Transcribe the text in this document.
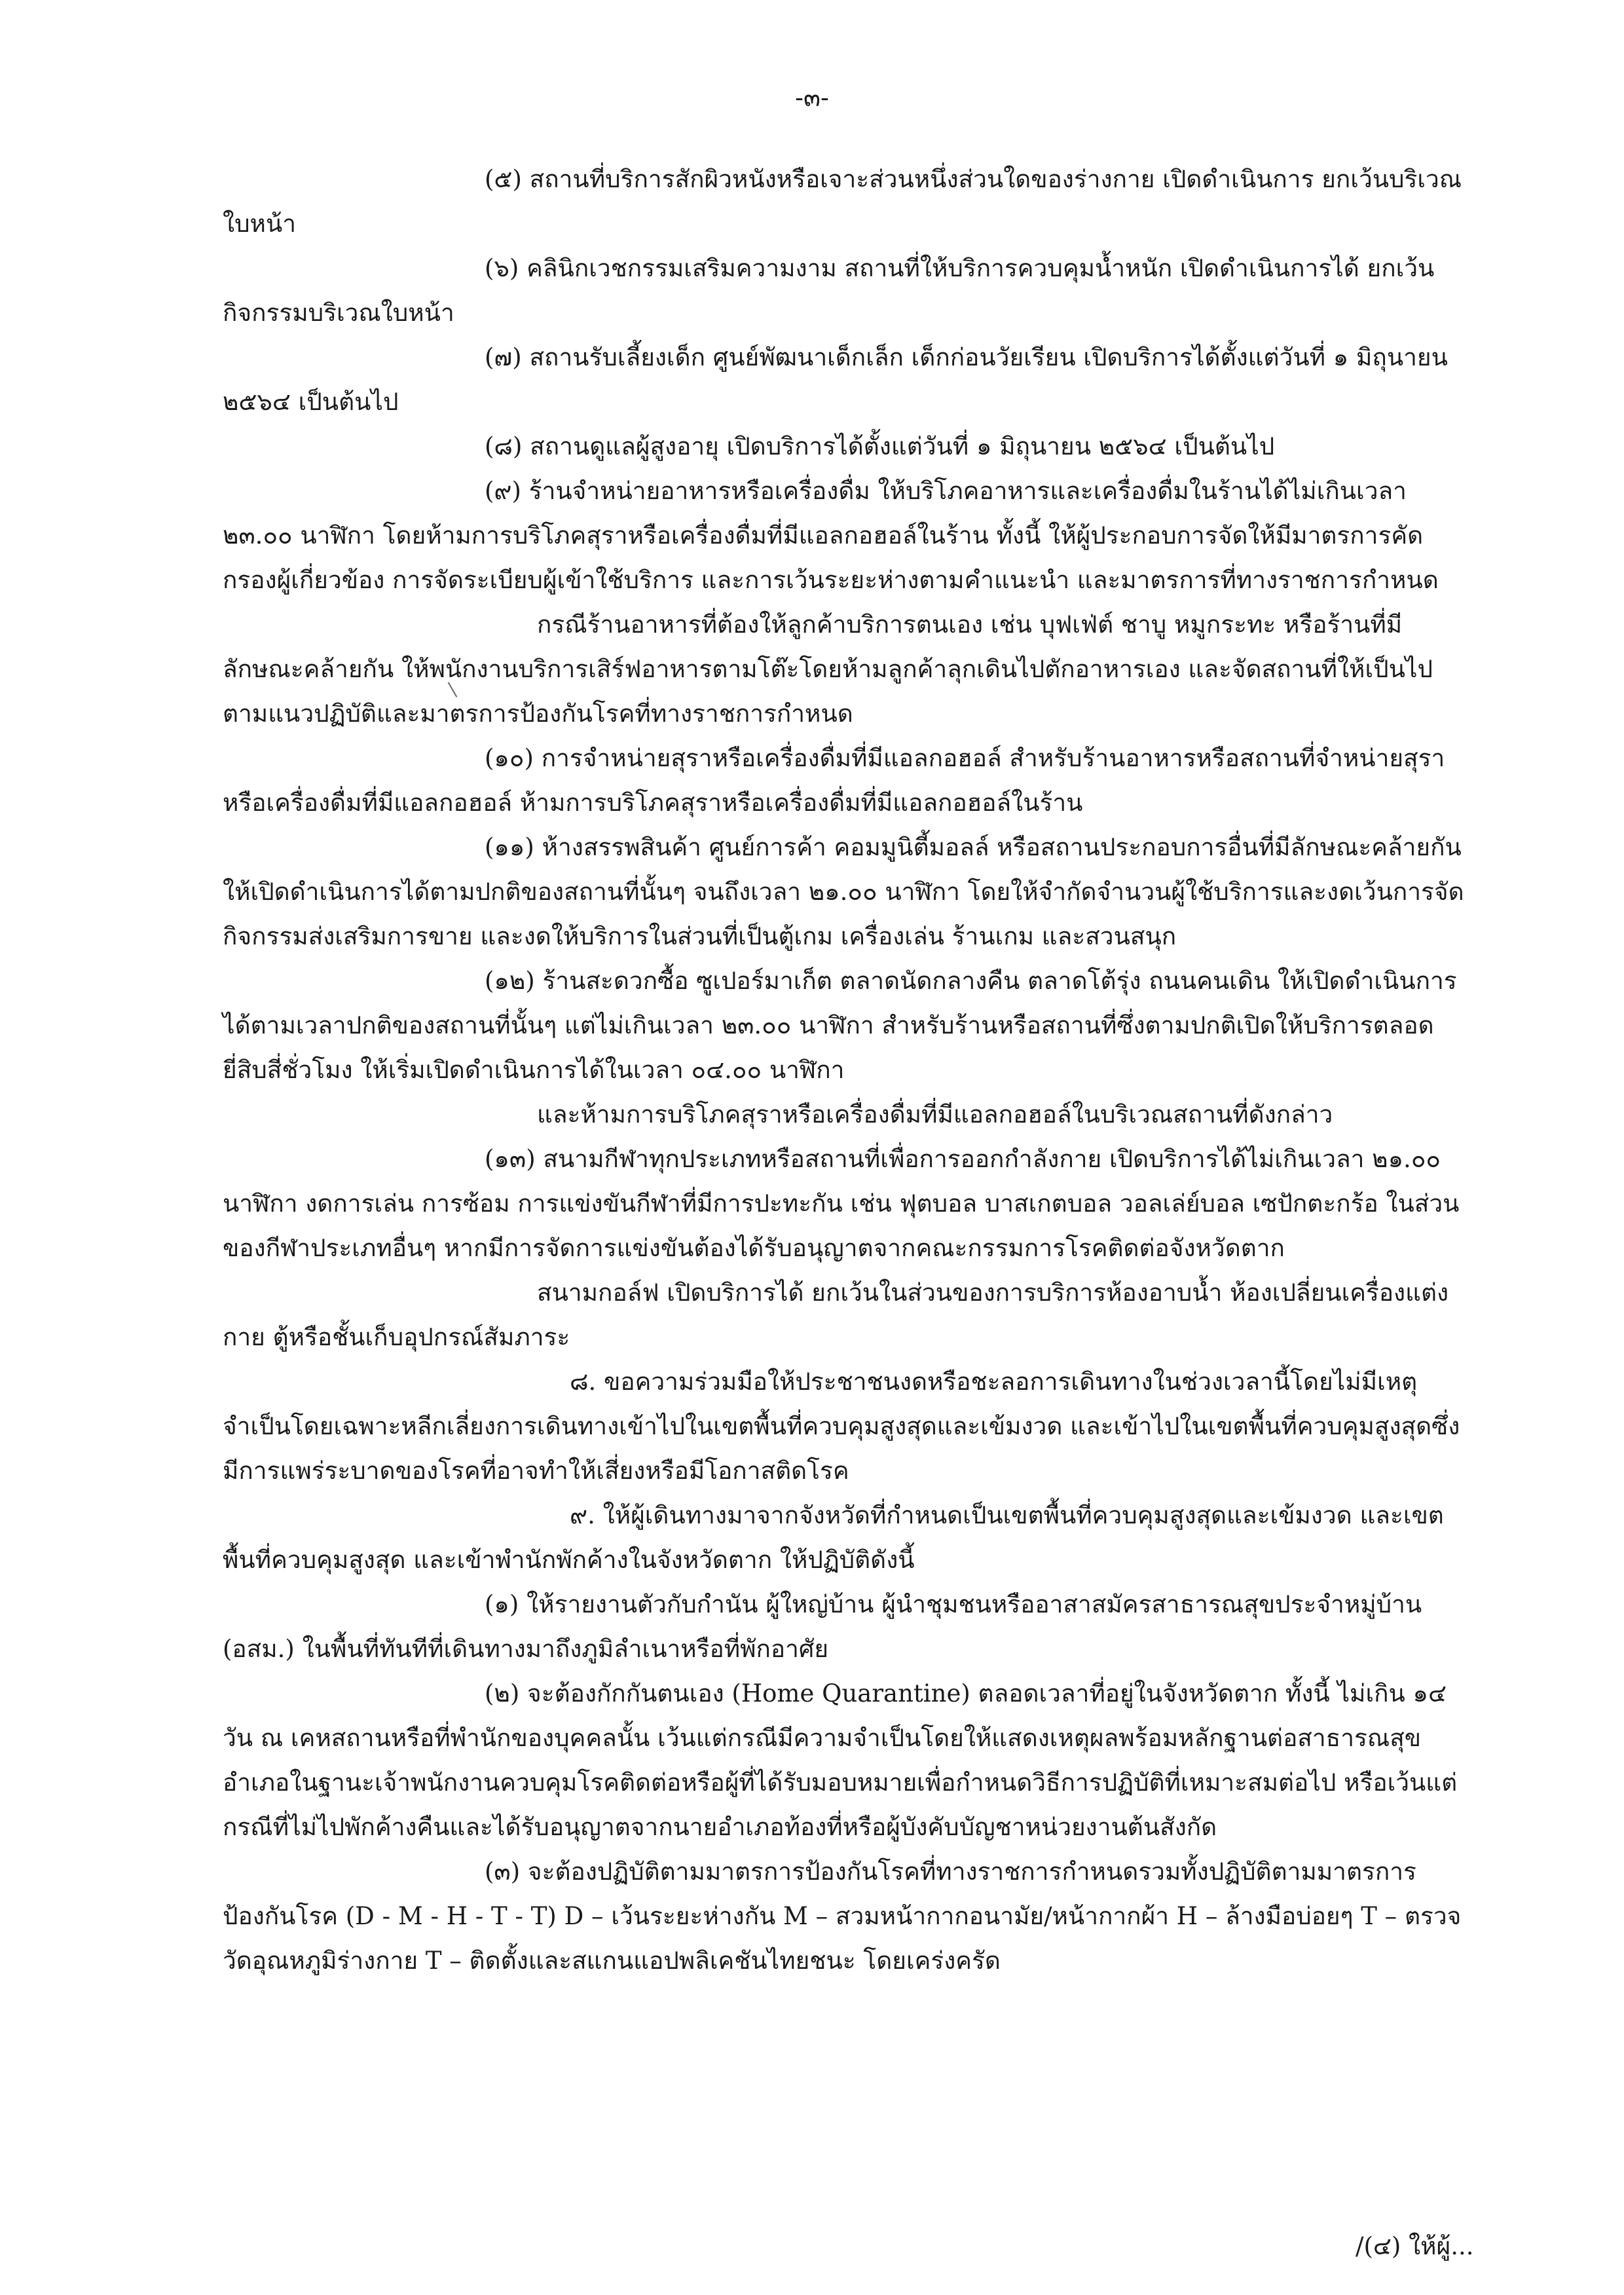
-๓-

(๕) สถานที่บริการสักผิวหนังหรือเจาะส่วนหนึ่งส่วนใดของร่างกาย เปิดดำเนินการ ยกเว้นบริเวณใบหน้า

(๖) คลินิกเวชกรรมเสริมความงาม สถานที่ให้บริการควบคุมน้ำหนัก เปิดดำเนินการได้ ยกเว้น กิจกรรมบริเวณใบหน้า

(๗) สถานรับเลี้ยงเด็ก ศูนย์พัฒนาเด็กเล็ก เด็กก่อนวัยเรียน เปิดบริการได้ตั้งแต่วันที่ ๑ มิถุนายน ๒๕๖๔ เป็นต้นไป

(๘) สถานดูแลผู้สูงอายุ เปิดบริการได้ตั้งแต่วันที่ ๑ มิถุนายน ๒๕๖๔ เป็นต้นไป

(๙) ร้านจำหน่ายอาหารหรือเครื่องดื่ม ให้บริโภคอาหารและเครื่องดื่มในร้านได้ไม่เกินเวลา ๒๓.๐๐ นาฬิกา โดยห้ามการบริโภคสุราหรือเครื่องดื่มที่มีแอลกอฮอล์ในร้าน ทั้งนี้ ให้ผู้ประกอบการจัดให้มีมาตรการคัดกรองผู้เกี่ยวข้อง การจัดระเบียบผู้เข้าใช้บริการ และการเว้นระยะห่างตามคำแนะนำ และมาตรการที่ทางราชการกำหนด

กรณีร้านอาหารที่ต้องให้ลูกค้าบริการตนเอง เช่น บุฟเฟ่ต์ ชาบู หมูกระทะ หรือร้านที่มีลักษณะคล้ายกัน ให้พนักงานบริการเสิร์ฟอาหารตามโต๊ะโดยห้ามลูกค้าลุกเดินไปตักอาหารเอง และจัดสถานที่ให้เป็นไปตามแนวปฏิบัติและมาตรการป้องกันโรคที่ทางราชการกำหนด

(๑๐) การจำหน่ายสุราหรือเครื่องดื่มที่มีแอลกอฮอล์ สำหรับร้านอาหารหรือสถานที่จำหน่ายสุราหรือเครื่องดื่มที่มีแอลกอฮอล์ ห้ามการบริโภคสุราหรือเครื่องดื่มที่มีแอลกอฮอล์ในร้าน

(๑๑) ห้างสรรพสินค้า ศูนย์การค้า คอมมูนิตี้มอลล์ หรือสถานประกอบการอื่นที่มีลักษณะคล้ายกัน ให้เปิดดำเนินการได้ตามปกติของสถานที่นั้นๆ จนถึงเวลา ๒๑.๐๐ นาฬิกา โดยให้จำกัดจำนวนผู้ใช้บริการและงดเว้นการจัดกิจกรรมส่งเสริมการขาย และงดให้บริการในส่วนที่เป็นตู้เกม เครื่องเล่น ร้านเกม และสวนสนุก

(๑๒) ร้านสะดวกซื้อ ซูเปอร์มาเก็ต ตลาดนัดกลางคืน ตลาดโต้รุ่ง ถนนคนเดิน ให้เปิดดำเนินการได้ตามเวลาปกติของสถานที่นั้นๆ แต่ไม่เกินเวลา ๒๓.๐๐ นาฬิกา สำหรับร้านหรือสถานที่ซึ่งตามปกติเปิดให้บริการตลอดยี่สิบสี่ชั่วโมง ให้เริ่มเปิดดำเนินการได้ในเวลา ๐๔.๐๐ นาฬิกา

และห้ามการบริโภคสุราหรือเครื่องดื่มที่มีแอลกอฮอล์ในบริเวณสถานที่ดังกล่าว

(๑๓) สนามกีฬาทุกประเภทหรือสถานที่เพื่อการออกกำลังกาย เปิดบริการได้ไม่เกินเวลา ๒๑.๐๐ นาฬิกา งดการเล่น การซ้อม การแข่งขันกีฬาที่มีการปะทะกัน เช่น ฟุตบอล บาสเกตบอล วอลเล่ย์บอล เซปักตะกร้อ ในส่วนของกีฬาประเภทอื่นๆ หากมีการจัดการแข่งขันต้องได้รับอนุญาตจากคณะกรรมการโรคติดต่อจังหวัดตาก

สนามกอล์ฟ เปิดบริการได้ ยกเว้นในส่วนของการบริการห้องอาบน้ำ ห้องเปลี่ยนเครื่องแต่งกาย ตู้หรือชั้นเก็บอุปกรณ์สัมภาระ

๘. ขอความร่วมมือให้ประชาชนงดหรือชะลอการเดินทางในช่วงเวลานี้โดยไม่มีเหตุจำเป็นโดยเฉพาะหลีกเลี่ยงการเดินทางเข้าไปในเขตพื้นที่ควบคุมสูงสุดและเข้มงวด และเข้าไปในเขตพื้นที่ควบคุมสูงสุดซึ่งมีการแพร่ระบาดของโรคที่อาจทำให้เสี่ยงหรือมีโอกาสติดโรค

๙. ให้ผู้เดินทางมาจากจังหวัดที่กำหนดเป็นเขตพื้นที่ควบคุมสูงสุดและเข้มงวด และเขตพื้นที่ควบคุมสูงสุด และเข้าพำนักพักค้างในจังหวัดตาก ให้ปฏิบัติดังนี้

(๑) ให้รายงานตัวกับกำนัน ผู้ใหญ่บ้าน ผู้นำชุมชนหรืออาสาสมัครสาธารณสุขประจำหมู่บ้าน (อสม.) ในพื้นที่ทันทีที่เดินทางมาถึงภูมิลำเนาหรือที่พักอาศัย

(๒) จะต้องกักกันตนเอง (Home Quarantine) ตลอดเวลาที่อยู่ในจังหวัดตาก ทั้งนี้ ไม่เกิน ๑๔ วัน ณ เคหสถานหรือที่พำนักของบุคคลนั้น เว้นแต่กรณีมีความจำเป็นโดยให้แสดงเหตุผลพร้อมหลักฐานต่อสาธารณสุขอำเภอในฐานะเจ้าพนักงานควบคุมโรคติดต่อหรือผู้ที่ได้รับมอบหมายเพื่อกำหนดวิธีการปฏิบัติที่เหมาะสมต่อไป หรือเว้นแต่กรณีที่ไม่ไปพักค้างคืนและได้รับอนุญาตจากนายอำเภอท้องที่หรือผู้บังคับบัญชาหน่วยงานต้นสังกัด

(๓) จะต้องปฏิบัติตามมาตรการป้องกันโรคที่ทางราชการกำหนดรวมทั้งปฏิบัติตามมาตรการป้องกันโรค (D - M - H - T - T) D – เว้นระยะห่างกัน M – สวมหน้ากากอนามัย/หน้ากากผ้า H – ล้างมือบ่อยๆ T – ตรวจวัดอุณหภูมิร่างกาย T – ติดตั้งและสแกนแอปพลิเคชันไทยชนะ โดยเคร่งครัด

/(๔) ให้ผู้...
